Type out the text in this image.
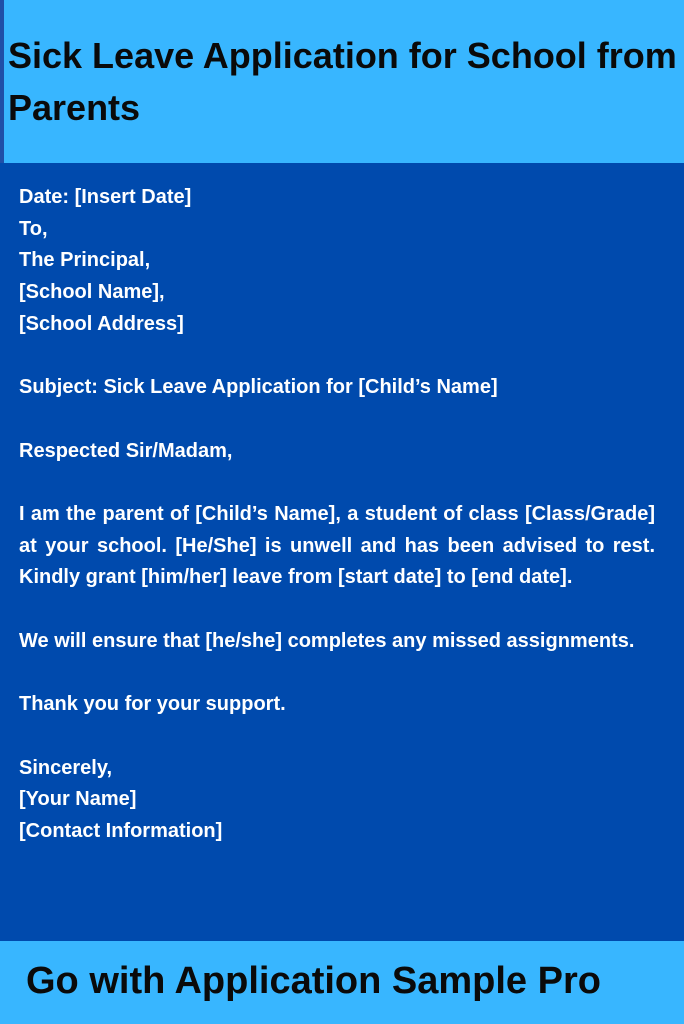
Sick Leave Application for School from Parents

Date: [Insert Date]

To,

The Principal,

[School Name],

[School Address]

Subject: Sick Leave Application for [Child’s Name]

Respected Sir/Madam,

I am the parent of [Child’s Name], a student of class [Class/Grade] at your school. [He/She] is unwell and has been advised to rest. Kindly grant [him/her] leave from [start date] to [end date].

We will ensure that [he/she] completes any missed assignments.

Thank you for your support.

Sincerely,

[Your Name]

[Contact Information]

Go with Application Sample Pro
